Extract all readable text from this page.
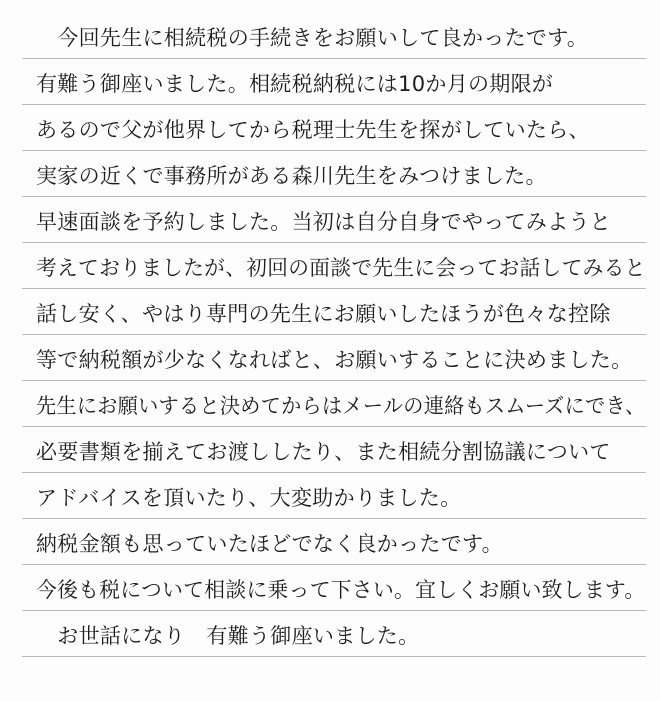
　今回先生に相続税の手続きをお願いして良かったです。
有難う御座いました。相続税納税には10か月の期限が
あるので父が他界してから税理士先生を探がしていたら、
実家の近くで事務所がある森川先生をみつけました。
早速面談を予約しました。当初は自分自身でやってみようと
考えておりましたが、初回の面談で先生に会ってお話してみると
話し安く、やはり専門の先生にお願いしたほうが色々な控除
等で納税額が少なくなればと、お願いすることに決めました。
先生にお願いすると決めてからはメールの連絡もスムーズにでき、
必要書類を揃えてお渡ししたり、また相続分割協議について
アドバイスを頂いたり、大変助かりました。
納税金額も思っていたほどでなく良かったです。
今後も税について相談に乗って下さい。宜しくお願い致します。
　お世話になり　有難う御座いました。
